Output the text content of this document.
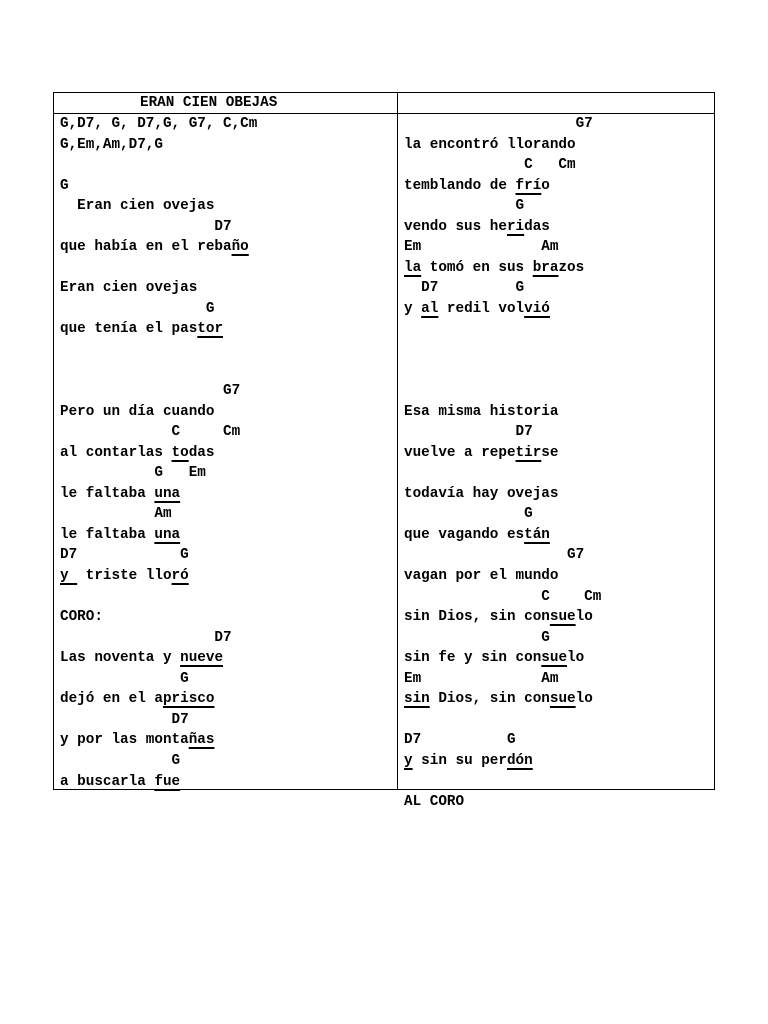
ERAN CIEN OBEJAS
G,D7, G, D7,G, G7, C,Cm
G,Em,Am,D7,G
G
Eran cien ovejas
D7
que había en el rebaño
Eran cien ovejas
G
que tenía el pastor
G7
Pero un día cuando
C     Cm
al contarlas todas
G   Em
le faltaba una
Am
le faltaba una
D7            G
y  triste lloró
CORO:
D7
Las noventa y nueve
G
dejó en el aprisco
D7
y por las montañas
G
a buscarla fue
G7
la encontró llorando
C   Cm
temblando de frío
G
vendo sus heridas
Em              Am
la tomó en sus brazos
D7         G
y al redil volvió
Esa misma historia
D7
vuelve a repetirse
todavía hay ovejas
G
que vagando están
G7
vagan por el mundo
C    Cm
sin Dios, sin consuelo
G
sin fe y sin consuelo
Em              Am
sin Dios, sin consuelo
D7          G
y sin su perdón
AL CORO
